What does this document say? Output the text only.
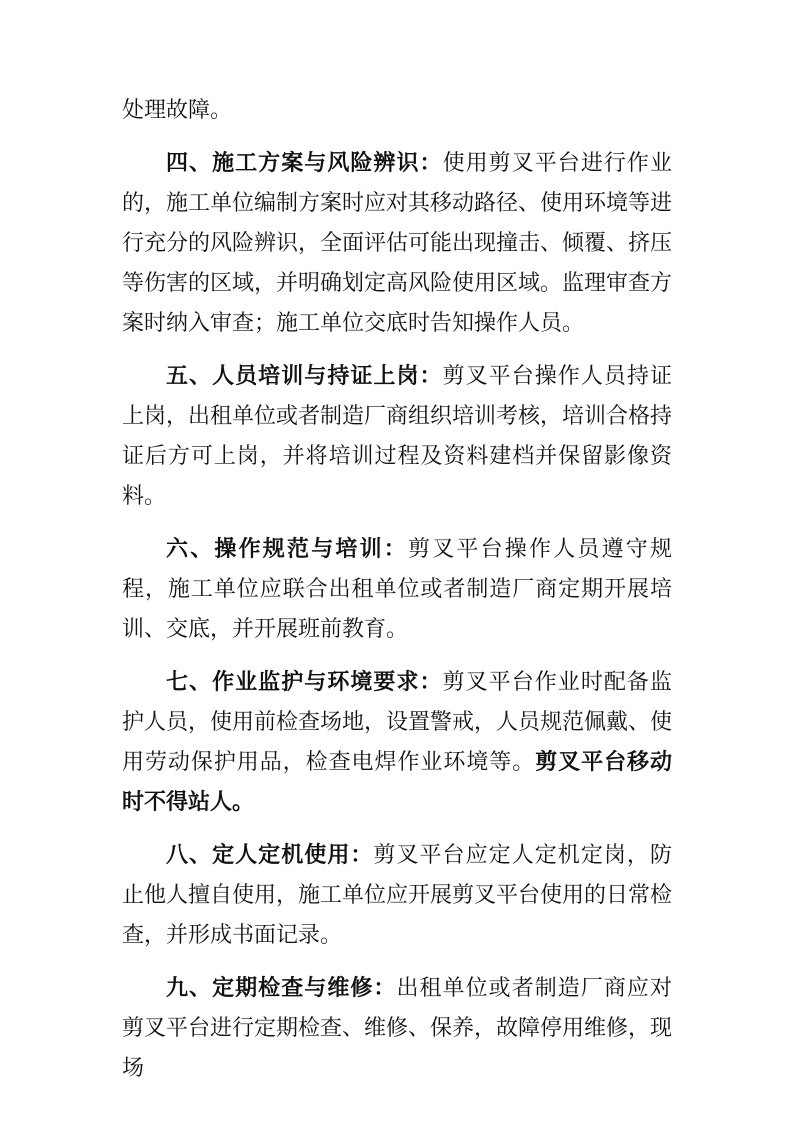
处理故障。

四、施工方案与风险辨识：使用剪叉平台进行作业的，施工单位编制方案时应对其移动路径、使用环境等进行充分的风险辨识，全面评估可能出现撞击、倾覆、挤压等伤害的区域，并明确划定高风险使用区域。监理审查方案时纳入审查；施工单位交底时告知操作人员。

五、人员培训与持证上岗：剪叉平台操作人员持证上岗，出租单位或者制造厂商组织培训考核，培训合格持证后方可上岗，并将培训过程及资料建档并保留影像资料。

六、操作规范与培训：剪叉平台操作人员遵守规程，施工单位应联合出租单位或者制造厂商定期开展培训、交底，并开展班前教育。

七、作业监护与环境要求：剪叉平台作业时配备监护人员，使用前检查场地，设置警戒，人员规范佩戴、使用劳动保护用品，检查电焊作业环境等。剪叉平台移动时不得站人。

八、定人定机使用：剪叉平台应定人定机定岗，防止他人擅自使用，施工单位应开展剪叉平台使用的日常检查，并形成书面记录。

九、定期检查与维修：出租单位或者制造厂商应对剪叉平台进行定期检查、维修、保养，故障停用维修，现场
